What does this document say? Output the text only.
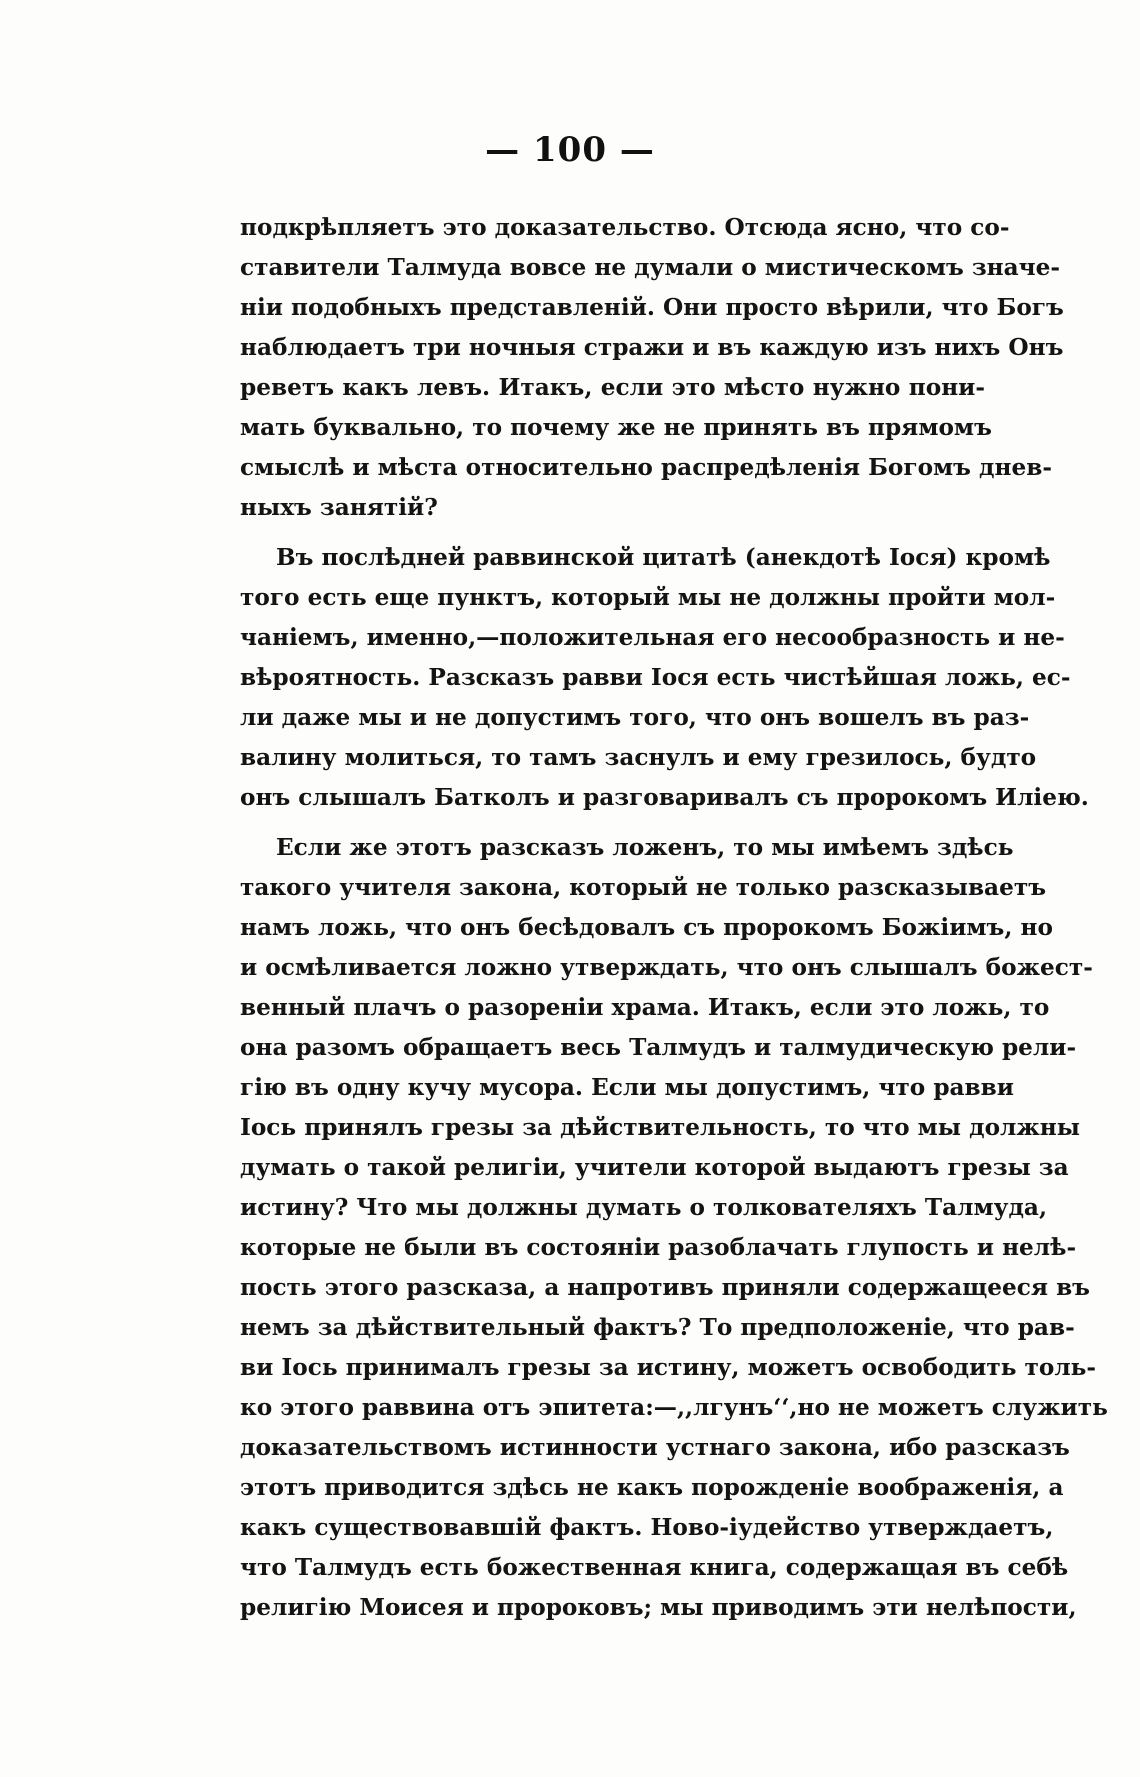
— 100 —
подкрѣпляетъ это доказательство. Отсюда ясно, что со-
ставители Талмуда вовсе не думали о мистическомъ значе-
ніи подобныхъ представленій. Они просто вѣрили, что Богъ
наблюдаетъ три ночныя стражи и въ каждую изъ нихъ Онъ
реветъ какъ левъ. Итакъ, если это мѣсто нужно пони-
мать буквально, то почему же не принять въ прямомъ
смыслѣ и мѣста относительно распредѣленія Богомъ днев-
ныхъ занятій?
Въ послѣдней раввинской цитатѣ (анекдотѣ Іося) кромѣ
того есть еще пунктъ, который мы не должны пройти мол-
чаніемъ, именно,—положительная его несообразность и не-
вѣроятность. Разсказъ равви Іося есть чистѣйшая ложь, ес-
ли даже мы и не допустимъ того, что онъ вошелъ въ раз-
валину молиться, то тамъ заснулъ и ему грезилось, будто
онъ слышалъ Батколъ и разговаривалъ съ пророкомъ Иліею.
Если же этотъ разсказъ ложенъ, то мы имѣемъ здѣсь
такого учителя закона, который не только разсказываетъ
намъ ложь, что онъ бесѣдовалъ съ пророкомъ Божіимъ, но
и осмѣливается ложно утверждать, что онъ слышалъ божест-
венный плачъ о разореніи храма. Итакъ, если это ложь, то
она разомъ обращаетъ весь Талмудъ и талмудическую рели-
гію въ одну кучу мусора. Если мы допустимъ, что равви
Іось принялъ грезы за дѣйствительность, то что мы должны
думать о такой религіи, учители которой выдаютъ грезы за
истину? Что мы должны думать о толкователяхъ Талмуда,
которые не были въ состояніи разоблачать глупость и нелѣ-
пость этого разсказа, а напротивъ приняли содержащееся въ
немъ за дѣйствительный фактъ? То предположеніе, что рав-
ви Іось принималъ грезы за истину, можетъ освободить толь-
ко этого раввина отъ эпитета:—,,лгунъ‘‘,но не можетъ служить
доказательствомъ истинности устнаго закона, ибо разсказъ
этотъ приводится здѣсь не какъ порожденіе воображенія, а
какъ существовавшій фактъ. Ново-іудейство утверждаетъ,
что Талмудъ есть божественная книга, содержащая въ себѣ
религію Моисея и пророковъ; мы приводимъ эти нелѣпости,
